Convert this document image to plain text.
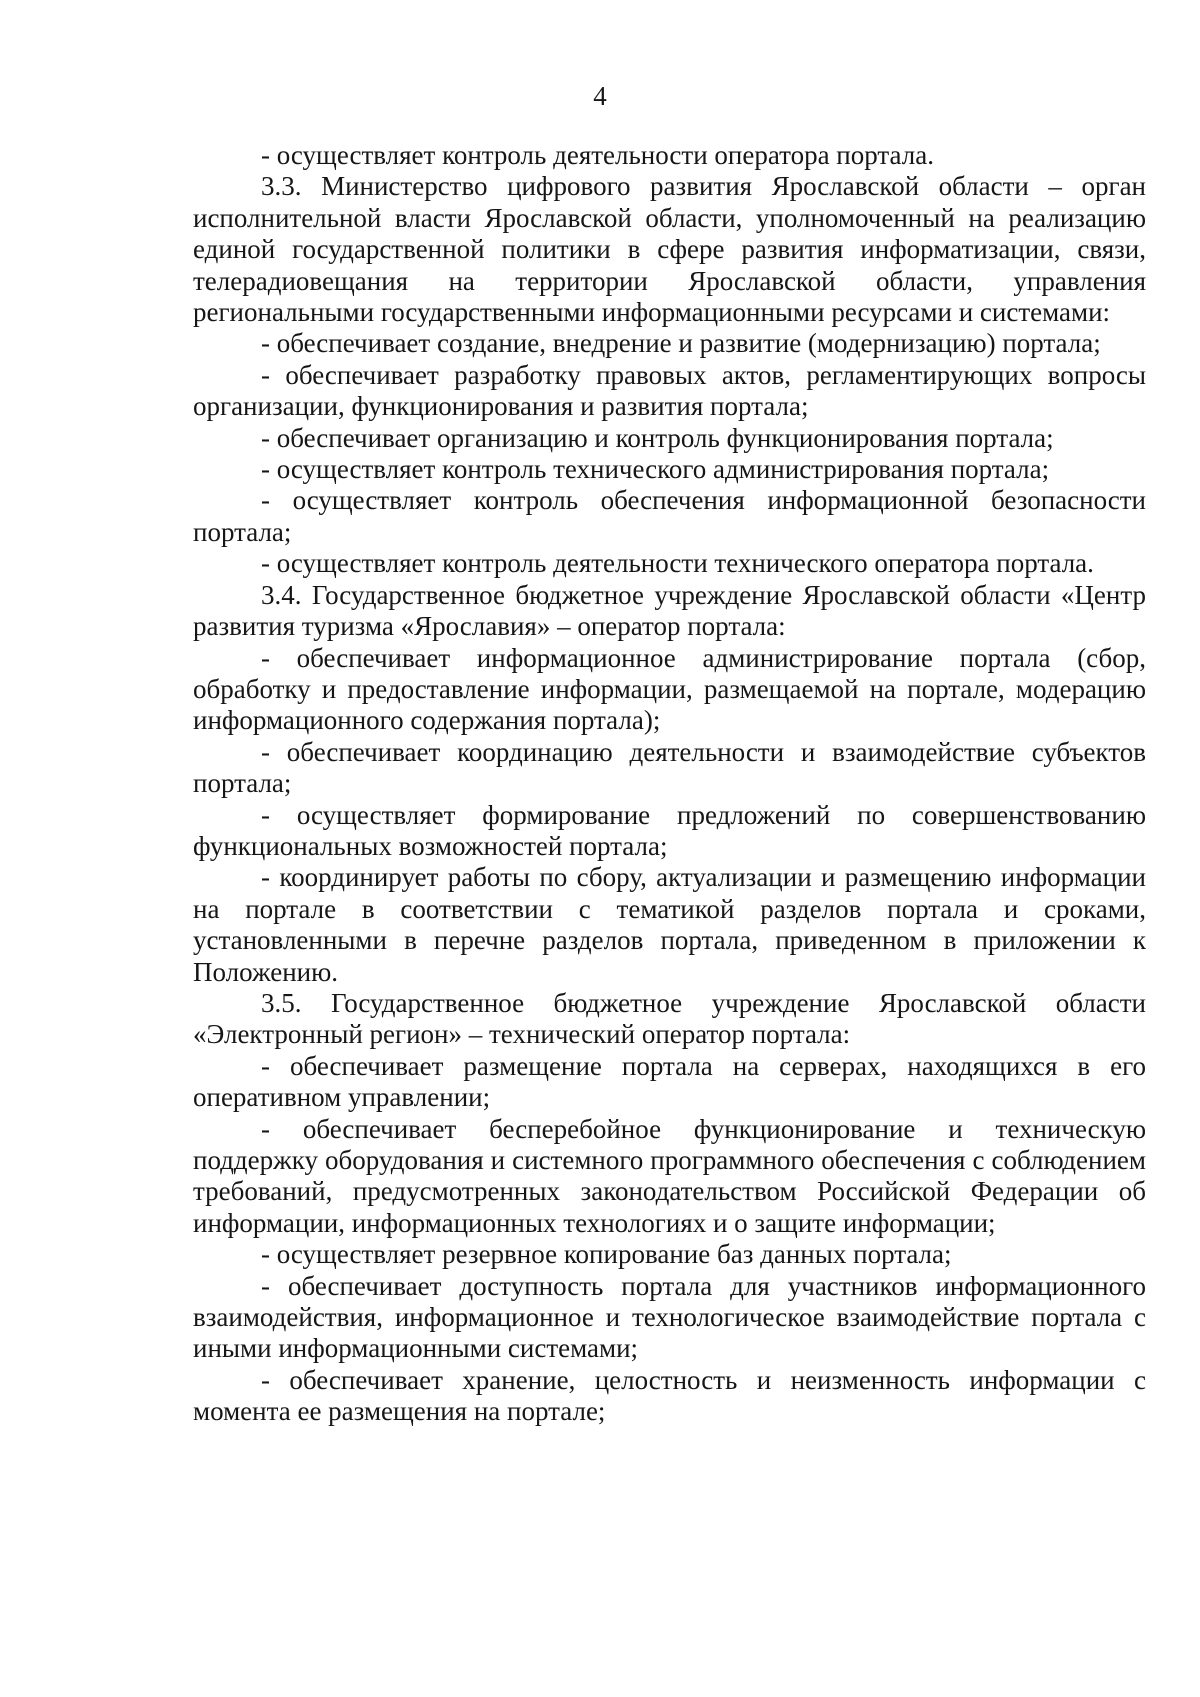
4

- осуществляет контроль деятельности оператора портала.

3.3. Министерство цифрового развития Ярославской области – орган исполнительной власти Ярославской области, уполномоченный на реализацию единой государственной политики в сфере развития информатизации, связи, телерадиовещания на территории Ярославской области, управления региональными государственными информационными ресурсами и системами:

- обеспечивает создание, внедрение и развитие (модернизацию) портала;

- обеспечивает разработку правовых актов, регламентирующих вопросы организации, функционирования и развития портала;

- обеспечивает организацию и контроль функционирования портала;

- осуществляет контроль технического администрирования портала;

- осуществляет контроль обеспечения информационной безопасности портала;

- осуществляет контроль деятельности технического оператора портала.

3.4. Государственное бюджетное учреждение Ярославской области «Центр развития туризма «Ярославия» – оператор портала:

- обеспечивает информационное администрирование портала (сбор, обработку и предоставление информации, размещаемой на портале, модерацию информационного содержания портала);

- обеспечивает координацию деятельности и взаимодействие субъектов портала;

- осуществляет формирование предложений по совершенствованию функциональных возможностей портала;

- координирует работы по сбору, актуализации и размещению информации на портале в соответствии с тематикой разделов портала и сроками, установленными в перечне разделов портала, приведенном в приложении к Положению.

3.5. Государственное бюджетное учреждение Ярославской области «Электронный регион» – технический оператор портала:

- обеспечивает размещение портала на серверах, находящихся в его оперативном управлении;

- обеспечивает бесперебойное функционирование и техническую поддержку оборудования и системного программного обеспечения с соблюдением требований, предусмотренных законодательством Российской Федерации об информации, информационных технологиях и о защите информации;

- осуществляет резервное копирование баз данных портала;

- обеспечивает доступность портала для участников информационного взаимодействия, информационное и технологическое взаимодействие портала с иными информационными системами;

- обеспечивает хранение, целостность и неизменность информации с момента ее размещения на портале;
